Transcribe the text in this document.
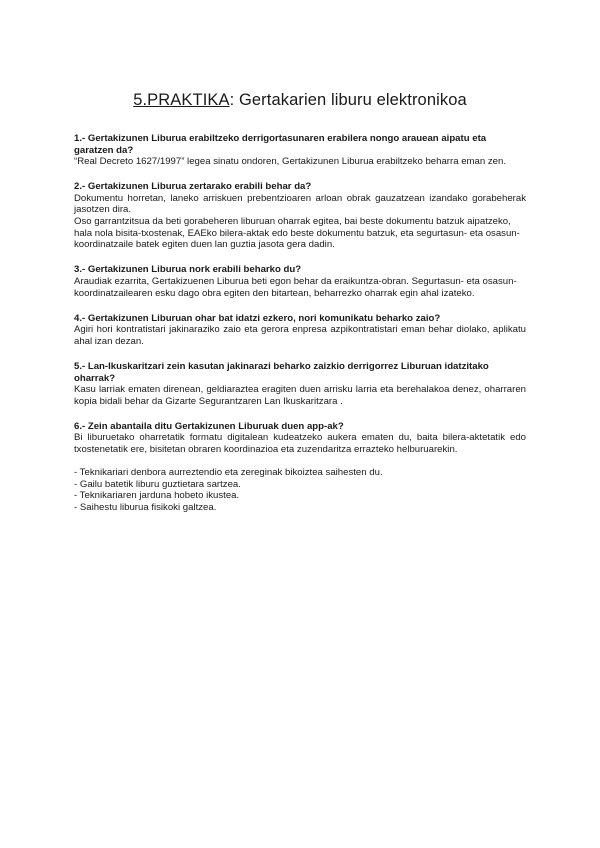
5.PRAKTIKA: Gertakarien liburu elektronikoa

1.- Gertakizunen Liburua erabiltzeko derrigortasunaren erabilera nongo arauean aipatu eta garatzen da?

“Real Decreto 1627/1997” legea sinatu ondoren, Gertakizunen Liburua erabiltzeko beharra eman zen.

2.- Gertakizunen Liburua zertarako erabili behar da?

Dokumentu horretan, laneko arriskuen prebentzioaren arloan obrak gauzatzean izandako gorabeherak jasotzen dira.

Oso garrantzitsua da beti gorabeheren liburuan oharrak egitea, bai beste dokumentu batzuk aipatzeko, hala nola bisita-txostenak, EAEko bilera-aktak edo beste dokumentu batzuk, eta segurtasun- eta osasun-koordinatzaile batek egiten duen lan guztia jasota gera dadin.

3.- Gertakizunen Liburua nork erabili beharko du?

Araudiak ezarrita, Gertakizuenen Liburua beti egon behar da eraikuntza-obran. Segurtasun- eta osasun-koordinatzailearen esku dago obra egiten den bitartean, beharrezko oharrak egin ahal izateko.

4.- Gertakizunen Liburuan ohar bat idatzi ezkero, nori komunikatu beharko zaio?

Agiri hori kontratistari jakinaraziko zaio eta gerora enpresa azpikontratistari eman behar diolako, aplikatu ahal izan dezan.

5.- Lan-Ikuskaritzari zein kasutan jakinarazi beharko zaizkio derrigorrez Liburuan idatzitako oharrak?

Kasu larriak ematen direnean, geldiaraztea eragiten duen arrisku larria eta berehalakoa denez, oharraren kopia bidali behar da Gizarte Segurantzaren Lan Ikuskaritzara .

6.- Zein abantaila ditu Gertakizunen Liburuak duen app-ak?

Bi liburuetako oharretatik formatu digitalean kudeatzeko aukera ematen du, baita bilera-aktetatik edo txostenetatik ere, bisitetan obraren koordinazioa eta zuzendaritza errazteko helburuarekin.

- Teknikariari denbora aurreztendio eta zereginak bikoiztea saihesten du.
- Gailu batetik liburu guztietara sartzea.
- Teknikariaren jarduna hobeto ikustea.
- Saihestu liburua fisikoki galtzea.
